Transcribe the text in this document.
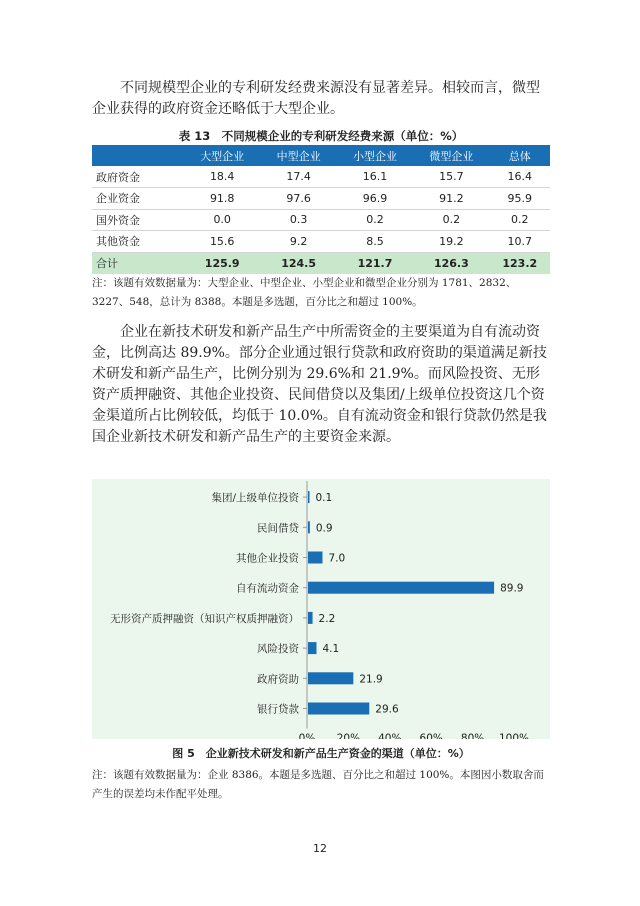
不同规模型企业的专利研发经费来源没有显著差异。相较而言，微型企业获得的政府资金还略低于大型企业。

表 13　不同规模企业的专利研发经费来源（单位：%）
	大型企业	中型企业	小型企业	微型企业	总体
政府资金	18.4	17.4	16.1	15.7	16.4
企业资金	91.8	97.6	96.9	91.2	95.9
国外资金	0.0	0.3	0.2	0.2	0.2
其他资金	15.6	9.2	8.5	19.2	10.7
合计	125.9	124.5	121.7	126.3	123.2

注：该题有效数据量为：大型企业、中型企业、小型企业和微型企业分别为 1781、2832、3227、548，总计为 8388。本题是多选题，百分比之和超过 100%。

企业在新技术研发和新产品生产中所需资金的主要渠道为自有流动资金，比例高达 89.9%。部分企业通过银行贷款和政府资助的渠道满足新技术研发和新产品生产，比例分别为 29.6%和 21.9%。而风险投资、无形资产质押融资、其他企业投资、民间借贷以及集团/上级单位投资这几个资金渠道所占比例较低，均低于 10.0%。自有流动资金和银行贷款仍然是我国企业新技术研发和新产品生产的主要资金来源。

集团/上级单位投资 0.1
民间借贷 0.9
其他企业投资	7.0
自有流动资金	89.9
无形资产质押融资（知识产权质押融资） 2.2
风险投资 4.1
政府资助	21.9
银行贷款	29.6
0% 20% 40% 60% 80% 100%
图 5　 企业新技术研发和新产品生产资金的渠道（单位：%）

注：该题有效数据量为：企业 8386。本题是多选题、百分比之和超过 100%。本图因小数取舍而产生的误差均未作配平处理。

12
